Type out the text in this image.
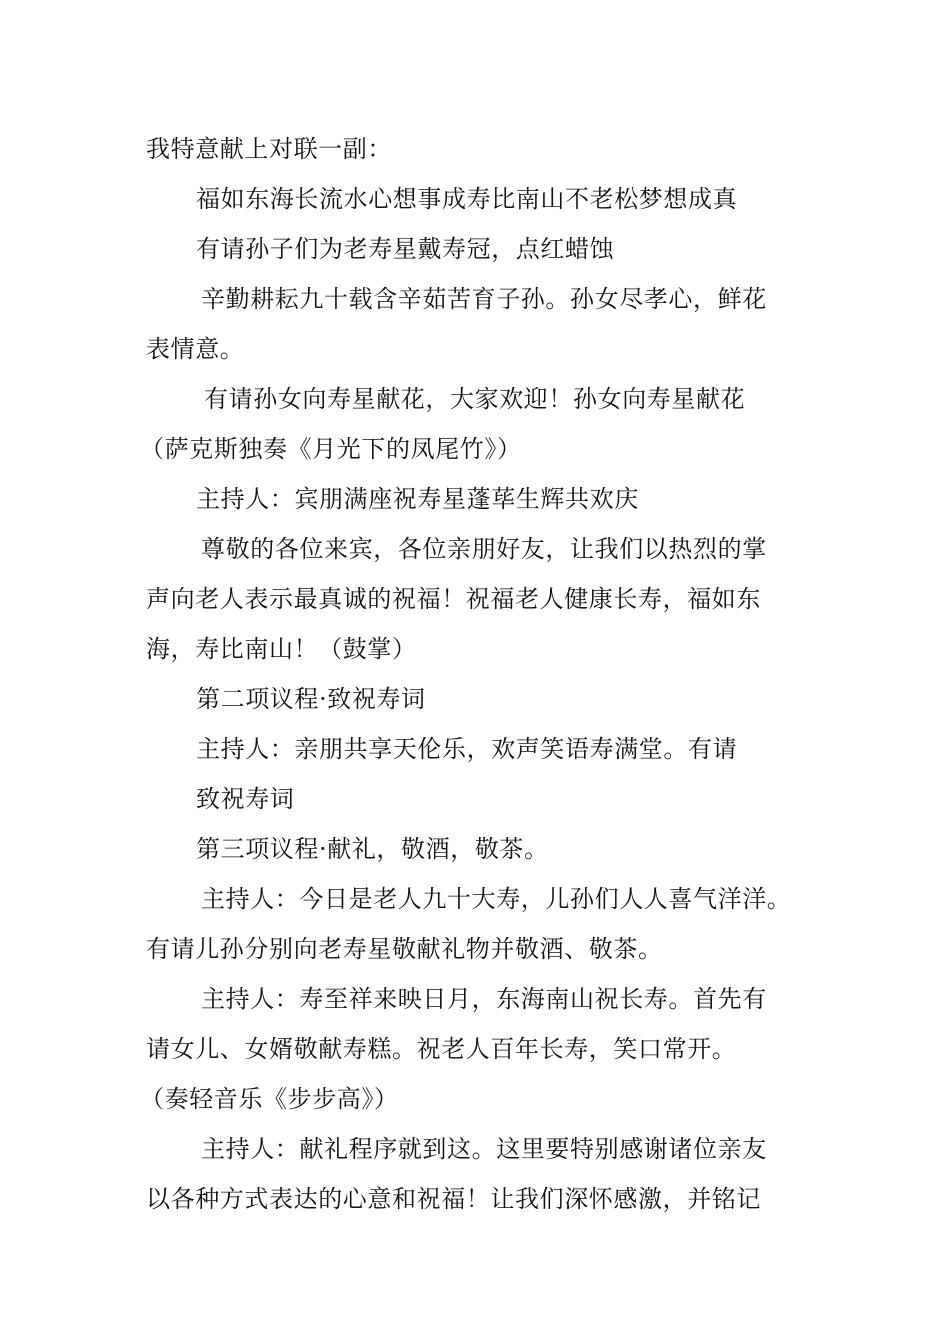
我特意献上对联一副：
福如东海长流水心想事成寿比南山不老松梦想成真
有请孙子们为老寿星戴寿冠，点红蜡蚀
辛勤耕耘九十载含辛茹苦育子孙。孙女尽孝心，鲜花
表情意。
有请孙女向寿星献花，大家欢迎！孙女向寿星献花
（萨克斯独奏《月光下的凤尾竹》）
主持人：宾朋满座祝寿星蓬荜生辉共欢庆
尊敬的各位来宾，各位亲朋好友，让我们以热烈的掌
声向老人表示最真诚的祝福！祝福老人健康长寿，福如东
海，寿比南山！（鼓掌）
第二项议程·致祝寿词
主持人：亲朋共享天伦乐，欢声笑语寿满堂。有请
致祝寿词
第三项议程·献礼，敬酒，敬茶。
主持人：今日是老人九十大寿，儿孙们人人喜气洋洋。
有请儿孙分别向老寿星敬献礼物并敬酒、敬茶。
主持人：寿至祥来映日月，东海南山祝长寿。首先有
请女儿、女婿敬献寿糕。祝老人百年长寿，笑口常开。
（奏轻音乐《步步高》）
主持人：献礼程序就到这。这里要特别感谢诸位亲友
以各种方式表达的心意和祝福！让我们深怀感激，并铭记
